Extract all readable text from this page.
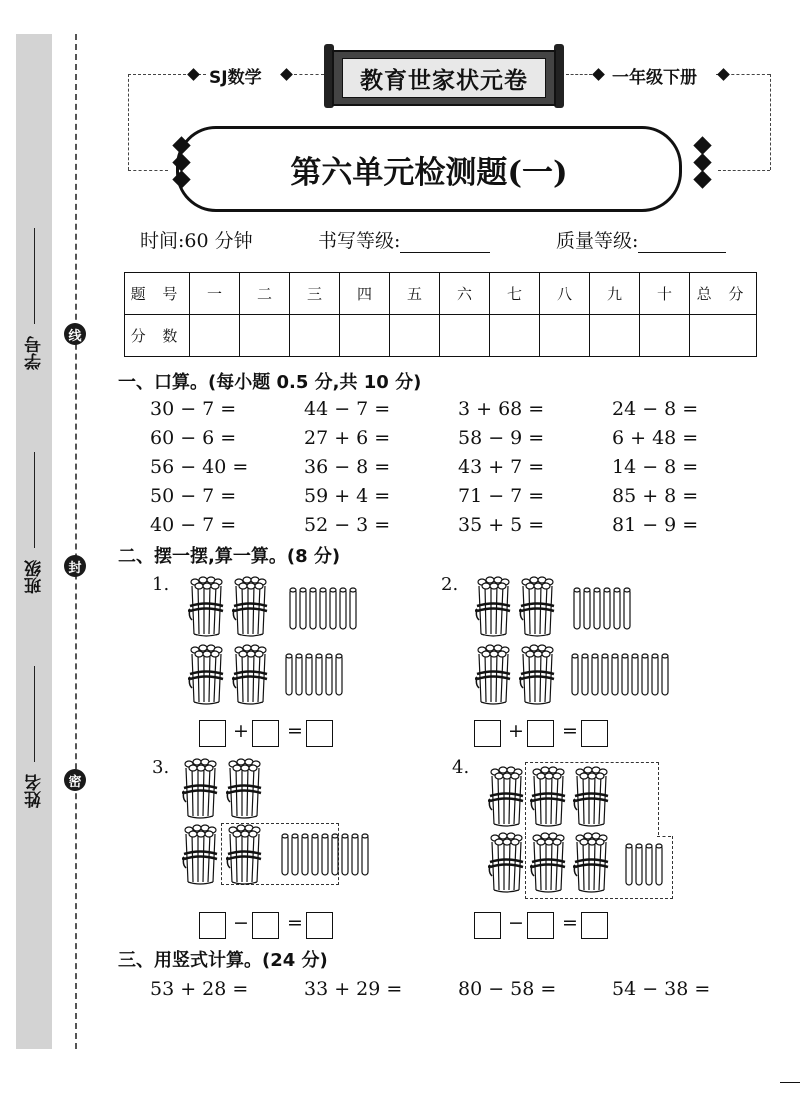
学号
班级
姓名
线
封
密
SJ数学	一年级下册
教育世家状元卷
第六单元检测题(一)
时间:60 分钟	书写等级:	质量等级:
题 号	一	二	三	四	五	六	七	八	九	十	总 分
分 数											
一、口算。(每小题 0.5 分,共 10 分)
30 − 7 =	44 − 7 =	3 + 68 =	24 − 8 =
60 − 6 =	27 + 6 =	58 − 9 =	6 + 48 =
56 − 40 =	36 − 8 =	43 + 7 =	14 − 8 =
50 − 7 =	59 + 4 =	71 − 7 =	85 + 8 =
40 − 7 =	52 − 3 =	35 + 5 =	81 − 9 =
二、摆一摆,算一算。(8 分)
1.
+ =
2.
+ =
3.
− =
4.
− =
三、用竖式计算。(24 分)
53 + 28 =	33 + 29 =	80 − 58 =	54 − 38 =
